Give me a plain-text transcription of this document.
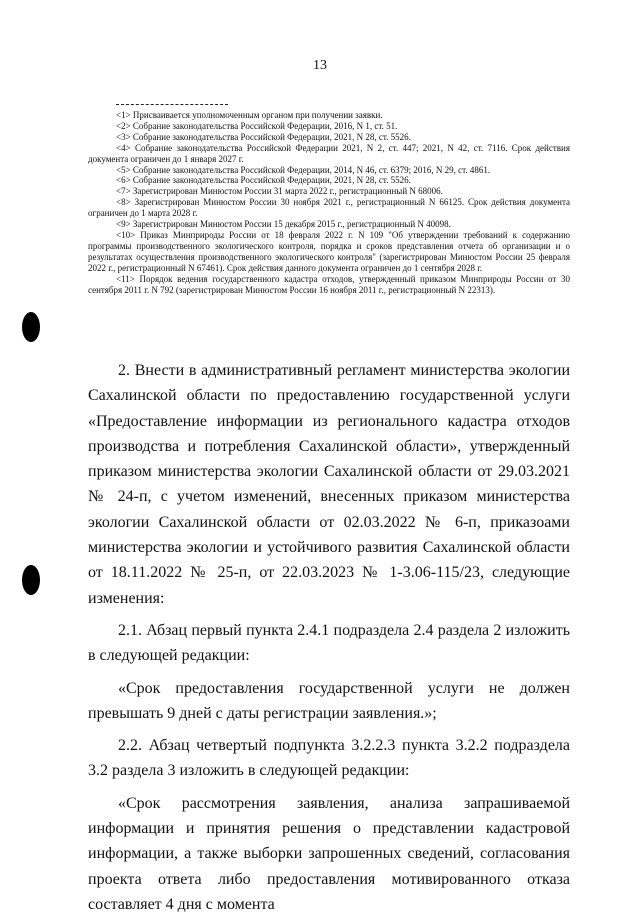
13

<1> Присваивается уполномоченным органом при получении заявки.

<2> Собрание законодательства Российской Федерации, 2016, N 1, ст. 51.

<3> Собрание законодательства Российской Федерации, 2021, N 28, ст. 5526.

<4> Собрание законодательства Российской Федерации 2021, N 2, ст. 447; 2021, N 42, ст. 7116. Срок действия документа ограничен до 1 января 2027 г.

<5> Собрание законодательства Российской Федерации, 2014, N 46, ст. 6379; 2016, N 29, ст. 4861.

<6> Собрание законодательства Российской Федерации, 2021, N 28, ст. 5526.

<7> Зарегистрирован Минюстом России 31 марта 2022 г., регистрационный N 68006.

<8> Зарегистрирован Минюстом России 30 ноября 2021 г., регистрационный N 66125. Срок действия документа ограничен до 1 марта 2028 г.

<9> Зарегистрирован Минюстом России 15 декабря 2015 г., регистрационный N 40098.

<10> Приказ Минприроды России от 18 февраля 2022 г. N 109 "Об утверждении требований к содержанию программы производственного экологического контроля, порядка и сроков представления отчета об организации и о результатах осуществления производственного экологического контроля" (зарегистрирован Минюстом России 25 февраля 2022 г., регистрационный N 67461). Срок действия данного документа ограничен до 1 сентября 2028 г.

<11> Порядок ведения государственного кадастра отходов, утвержденный приказом Минприроды России от 30 сентября 2011 г. N 792 (зарегистрирован Минюстом России 16 ноября 2011 г., регистрационный N 22313).

2. Внести в административный регламент министерства экологии Сахалинской области по предоставлению государственной услуги «Предоставление информации из регионального кадастра отходов производства и потребления Сахалинской области», утвержденный приказом министерства экологии Сахалинской области от 29.03.2021 № 24-п, с учетом изменений, внесенных приказом министерства экологии Сахалинской области от 02.03.2022 № 6-п, приказоами министерства экологии и устойчивого развития Сахалинской области от 18.11.2022 № 25-п, от 22.03.2023 № 1-3.06-115/23, следующие изменения:

2.1. Абзац первый пункта 2.4.1 подраздела 2.4 раздела 2 изложить в следующей редакции:

«Срок предоставления государственной услуги не должен превышать 9 дней с даты регистрации заявления.»;

2.2. Абзац четвертый подпункта 3.2.2.3 пункта 3.2.2 подраздела 3.2 раздела 3 изложить в следующей редакции:

«Срок рассмотрения заявления, анализа запрашиваемой информации и принятия решения о представлении кадастровой информации, а также выборки запрошенных сведений, согласования проекта ответа либо предоставления мотивированного отказа составляет 4 дня с момента
